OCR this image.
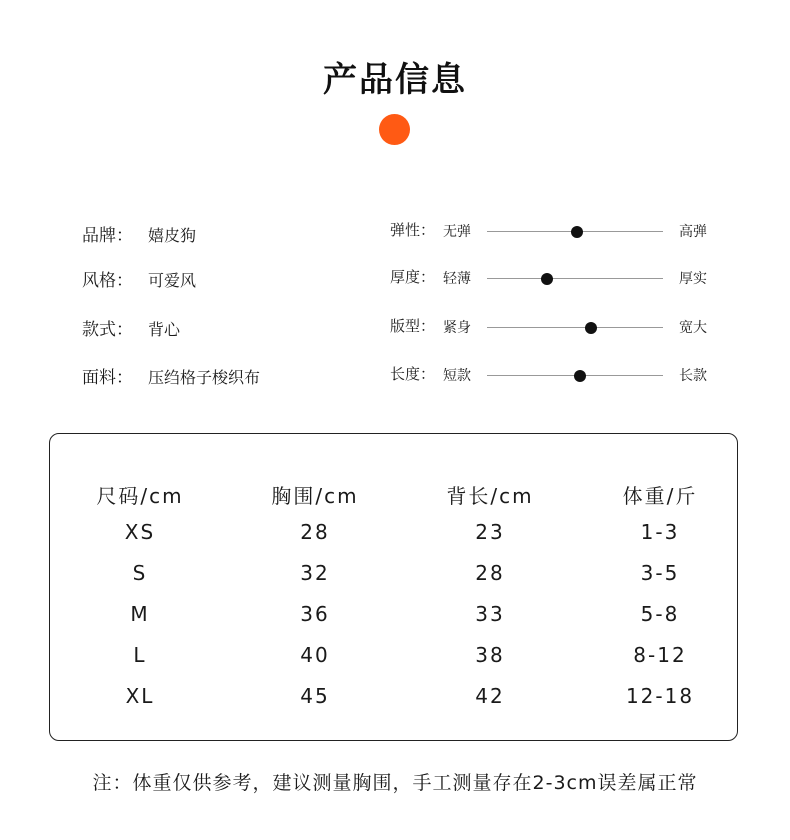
产品信息
品牌： 嬉皮狗
风格： 可爱风
款式： 背心
面料： 压绉格子梭织布
弹性： 无弹	高弹
厚度： 轻薄	厚实
版型： 紧身	宽大
长度： 短款	长款
尺码/cm	胸围/cm	背长/cm	体重/斤
XS	28	23	1-3
S	32	28	3-5
M	36	33	5-8
L	40	38	8-12
XL	45	42	12-18
注：体重仅供参考，建议测量胸围，手工测量存在2-3cm误差属正常
